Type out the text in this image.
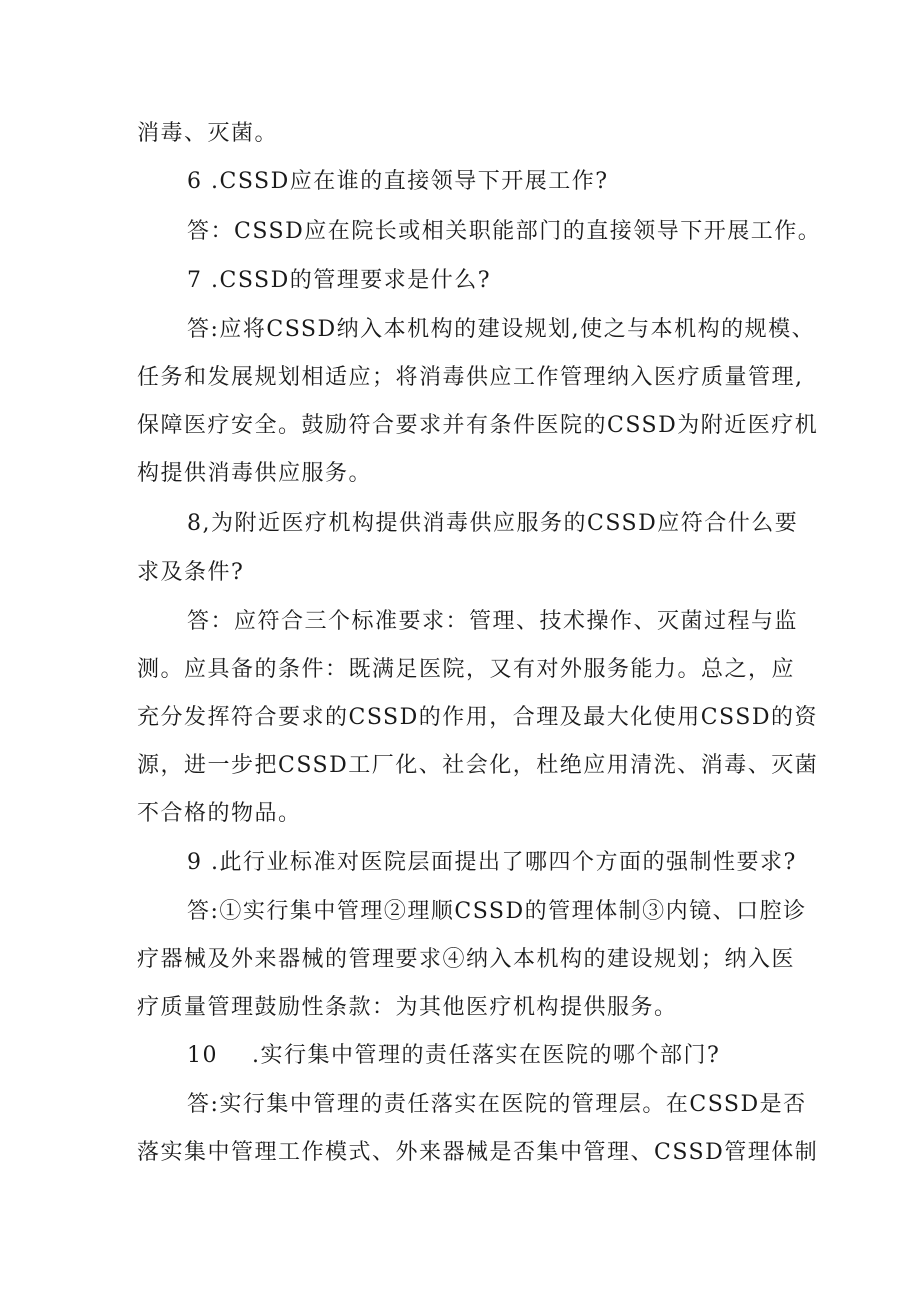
消毒、灭菌。
6 .CSSD应在谁的直接领导下开展工作?
答：CSSD应在院长或相关职能部门的直接领导下开展工作。
7 .CSSD的管理要求是什么?
答:应将CSSD纳入本机构的建设规划,使之与本机构的规模、
任务和发展规划相适应；将消毒供应工作管理纳入医疗质量管理,
保障医疗安全。鼓励符合要求并有条件医院的CSSD为附近医疗机
构提供消毒供应服务。
8,为附近医疗机构提供消毒供应服务的CSSD应符合什么要
求及条件?
答：应符合三个标准要求：管理、技术操作、灭菌过程与监
测。应具备的条件：既满足医院，又有对外服务能力。总之，应
充分发挥符合要求的CSSD的作用，合理及最大化使用CSSD的资
源，进一步把CSSD工厂化、社会化，杜绝应用清洗、消毒、灭菌
不合格的物品。
9 .此行业标准对医院层面提出了哪四个方面的强制性要求?
答:①实行集中管理②理顺CSSD的管理体制③内镜、口腔诊
疗器械及外来器械的管理要求④纳入本机构的建设规划；纳入医
疗质量管理鼓励性条款：为其他医疗机构提供服务。
10    .实行集中管理的责任落实在医院的哪个部门?
答:实行集中管理的责任落实在医院的管理层。在CSSD是否
落实集中管理工作模式、外来器械是否集中管理、CSSD管理体制
